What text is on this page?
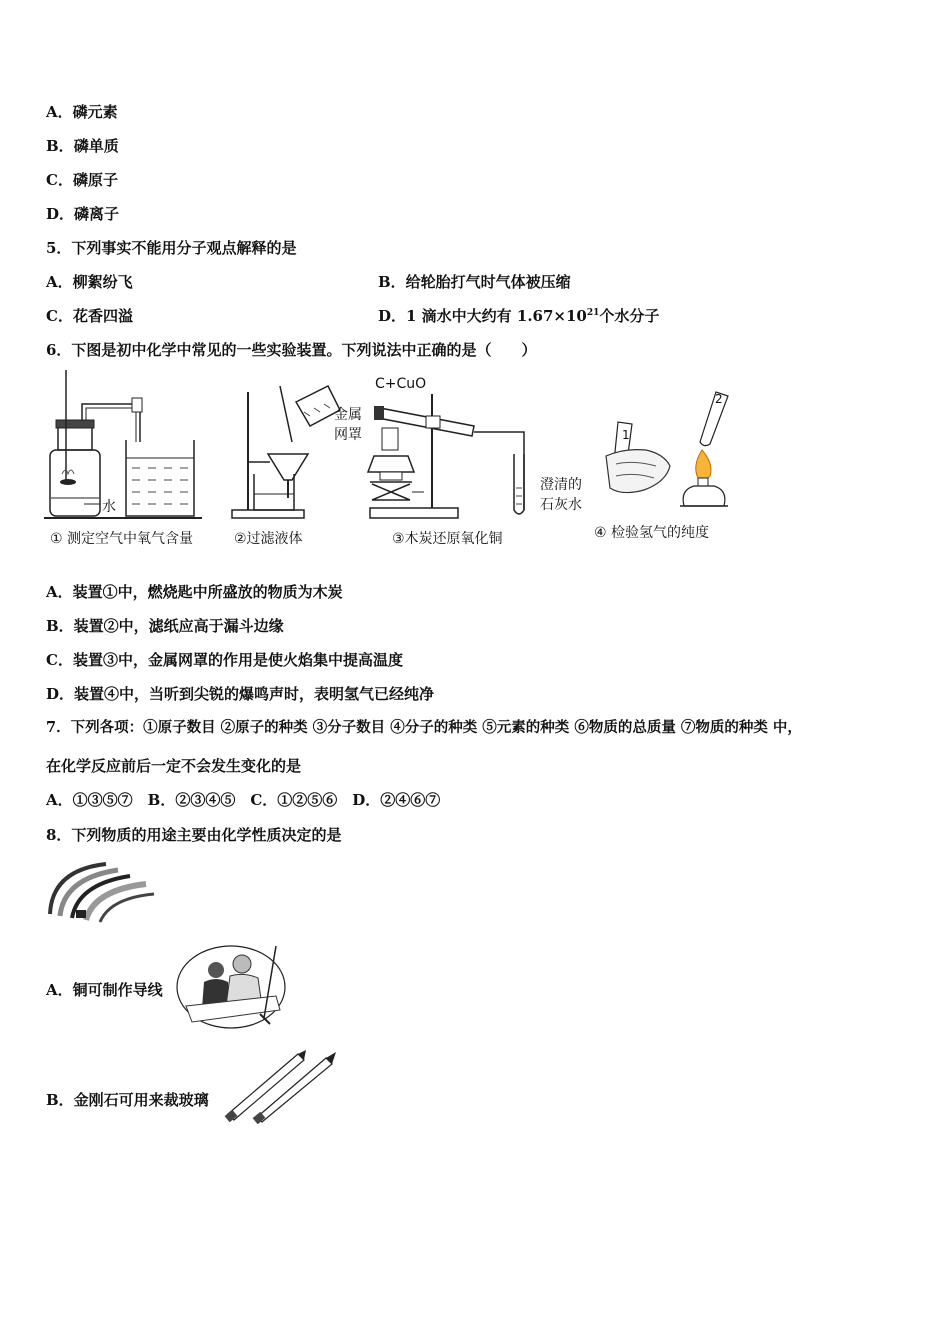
A．磷元素
B．磷单质
C．磷原子
D．磷离子
5．下列事实不能用分子观点解释的是
A．柳絮纷飞	B．给轮胎打气时气体被压缩
C．花香四溢	D．1 滴水中大约有 $1.67\times 10^{21}$个水分子
6．下图是初中化学中常见的一些实验装置。下列说法中正确的是（　　）
水
① 测定空气中氧气含量	②过滤液体
C+CuO
金属
网罩
澄清的
石灰水
③木炭还原氧化铜
1
2
④ 检验氢气的纯度
A．装置①中，燃烧匙中所盛放的物质为木炭
B．装置②中，滤纸应高于漏斗边缘
C．装置③中，金属网罩的作用是使火焰集中提高温度
D．装置④中，当听到尖锐的爆鸣声时，表明氢气已经纯净
7．下列各项：①原子数目 ②原子的种类 ③分子数目 ④分子的种类 ⑤元素的种类 ⑥物质的总质量 ⑦物质的种类 中，
在化学反应前后一定不会发生变化的是
A．①③⑤⑦　B．②③④⑤　C．①②⑤⑥　D．②④⑥⑦
8．下列物质的用途主要由化学性质决定的是
A．铜可制作导线
B．金刚石可用来裁玻璃
